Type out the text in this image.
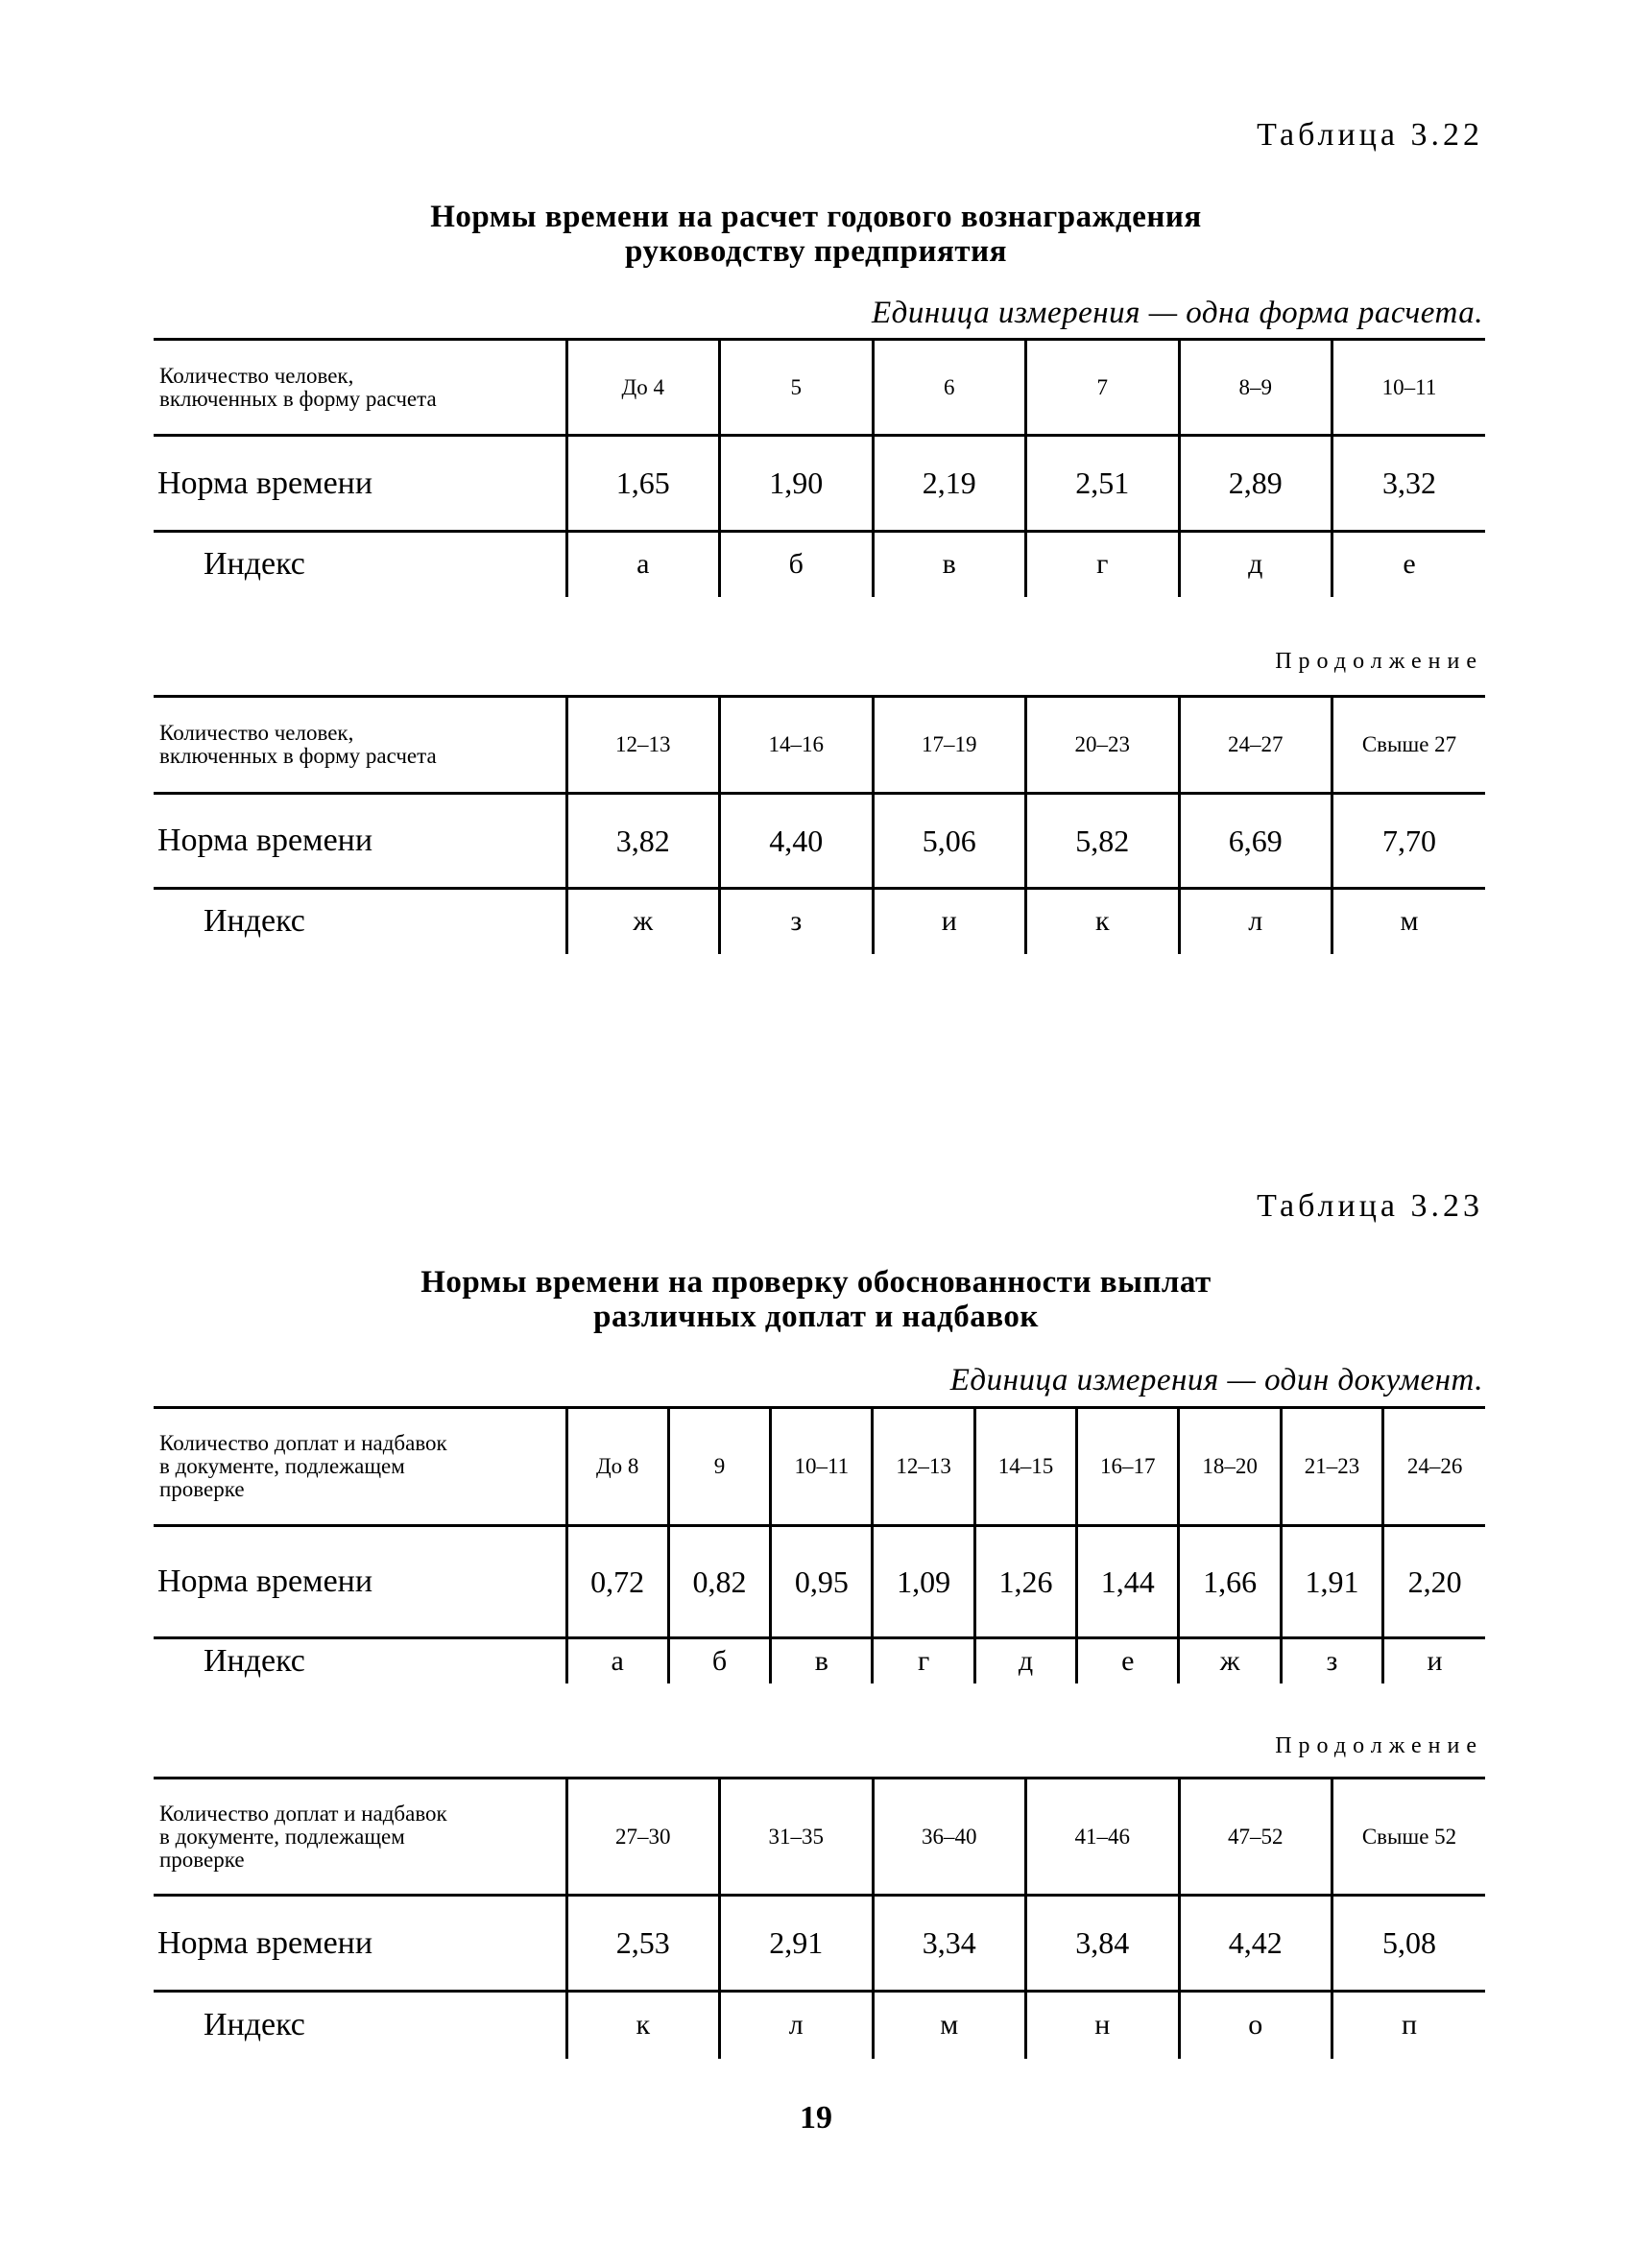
Таблица 3.22
Нормы времени на расчет годового вознаграждения
руководству предприятия
Единица измерения — одна форма расчета.
Количество человек,
включенных в форму расчета	До 4	5	6	7	8–9	10–11
Норма времени	1,65	1,90	2,19	2,51	2,89	3,32
Индекс	а	б	в	г	д	е
Продолжение
Количество человек,
включенных в форму расчета	12–13	14–16	17–19	20–23	24–27	Свыше 27
Норма времени	3,82	4,40	5,06	5,82	6,69	7,70
Индекс	ж	з	и	к	л	м
Таблица 3.23
Нормы времени на проверку обоснованности выплат
различных доплат и надбавок
Единица измерения — один документ.
Количество доплат и надбавок
в документе, подлежащем
проверке	До 8	9	10–11	12–13	14–15	16–17	18–20	21–23	24–26
Норма времени	0,72	0,82	0,95	1,09	1,26	1,44	1,66	1,91	2,20
Индекс	а	б	в	г	д	е	ж	з	и
Продолжение
Количество доплат и надбавок
в документе, подлежащем
проверке	27–30	31–35	36–40	41–46	47–52	Свыше 52
Норма времени	2,53	2,91	3,34	3,84	4,42	5,08
Индекс	к	л	м	н	о	п
19
